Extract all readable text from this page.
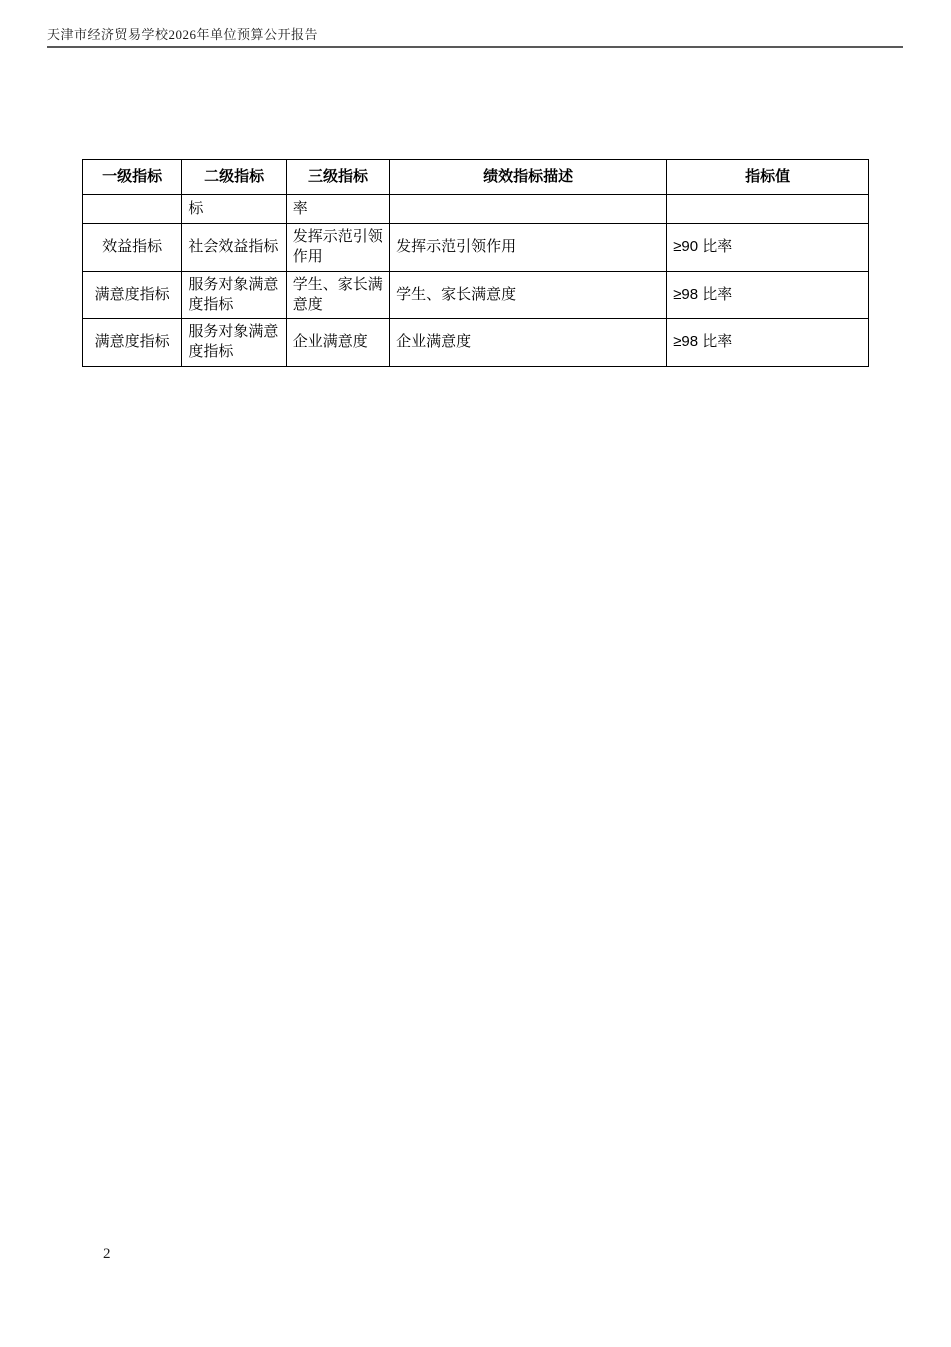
天津市经济贸易学校2026年单位预算公开报告
一级指标	二级指标	三级指标	绩效指标描述	指标值
	标	率		
效益指标	社会效益指标	发挥示范引领作用	发挥示范引领作用	≥90 比率
满意度指标	服务对象满意度指标	学生、家长满意度	学生、家长满意度	≥98 比率
满意度指标	服务对象满意度指标	企业满意度	企业满意度	≥98 比率
2
